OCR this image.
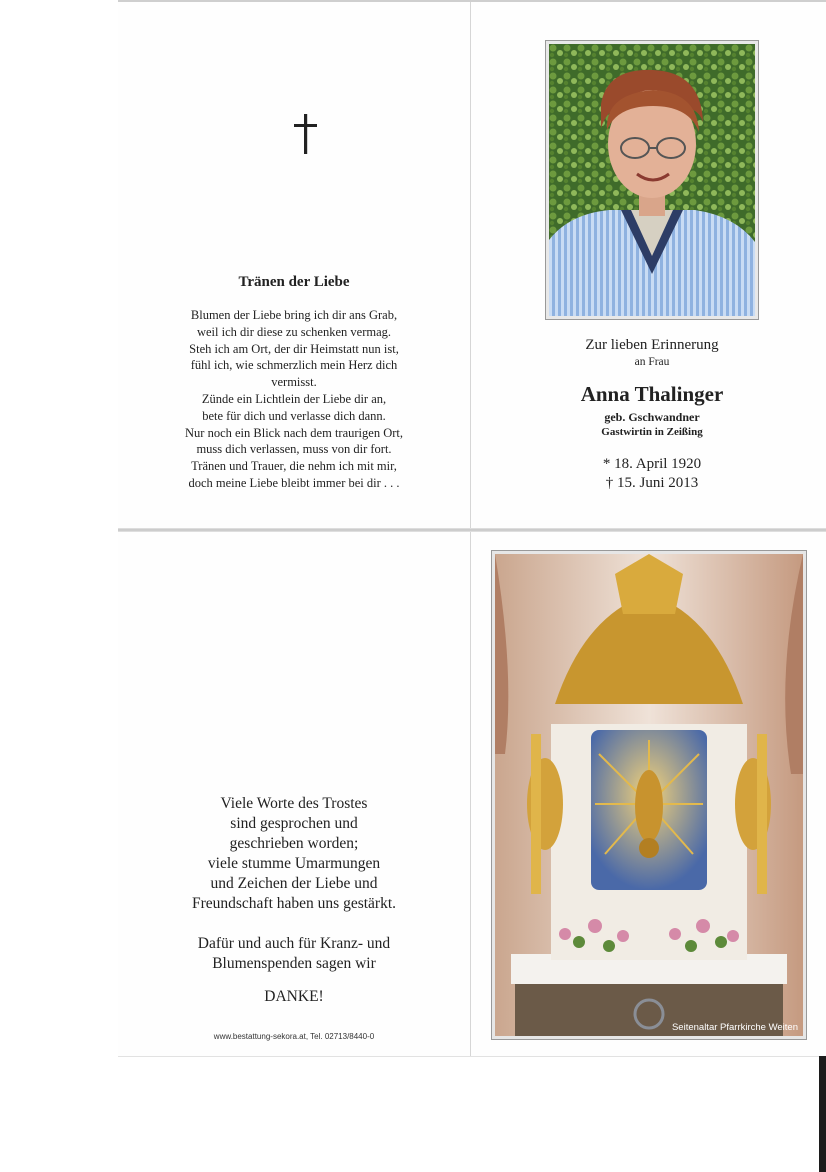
Tränen der Liebe
Blumen der Liebe bring ich dir ans Grab,
weil ich dir diese zu schenken vermag.
Steh ich am Ort, der dir Heimstatt nun ist,
fühl ich, wie schmerzlich mein Herz dich
vermisst.
Zünde ein Lichtlein der Liebe dir an,
bete für dich und verlasse dich dann.
Nur noch ein Blick nach dem traurigen Ort,
muss dich verlassen, muss von dir fort.
Tränen und Trauer, die nehm ich mit mir,
doch meine Liebe bleibt immer bei dir . . .
Zur lieben Erinnerung
an Frau
Anna Thalinger
geb. Gschwandner
Gastwirtin in Zeißing
* 18. April 1920
† 15. Juni 2013
Viele Worte des Trostes
sind gesprochen und
geschrieben worden;
viele stumme Umarmungen
und Zeichen der Liebe und
Freundschaft haben uns gestärkt.
Dafür und auch für Kranz- und
Blumenspenden sagen wir
DANKE!
www.bestattung-sekora.at, Tel. 02713/8440-0
Seitenaltar Pfarrkirche Weiten
